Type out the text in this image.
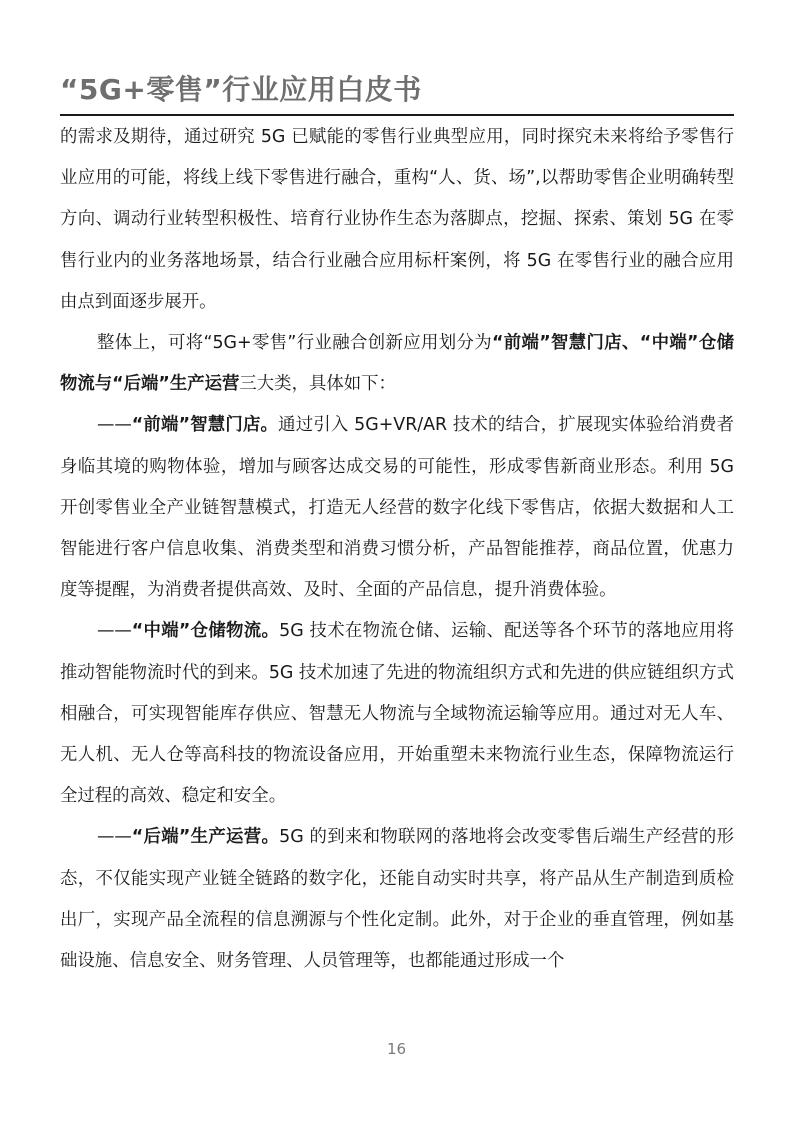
“5G+零售”行业应用白皮书

的需求及期待，通过研究 5G 已赋能的零售行业典型应用，同时探究未来将给予零售行业应用的可能，将线上线下零售进行融合，重构“人、货、场”,以帮助零售企业明确转型方向、调动行业转型积极性、培育行业协作生态为落脚点，挖掘、探索、策划 5G 在零售行业内的业务落地场景，结合行业融合应用标杆案例，将 5G 在零售行业的融合应用由点到面逐步展开。

整体上，可将“5G+零售”行业融合创新应用划分为“前端”智慧门店、“中端”仓储物流与“后端”生产运营三大类，具体如下：

——“前端”智慧门店。通过引入 5G+VR/AR 技术的结合，扩展现实体验给消费者身临其境的购物体验，增加与顾客达成交易的可能性，形成零售新商业形态。利用 5G 开创零售业全产业链智慧模式，打造无人经营的数字化线下零售店，依据大数据和人工智能进行客户信息收集、消费类型和消费习惯分析，产品智能推荐，商品位置，优惠力度等提醒，为消费者提供高效、及时、全面的产品信息，提升消费体验。

——“中端”仓储物流。5G 技术在物流仓储、运输、配送等各个环节的落地应用将推动智能物流时代的到来。5G 技术加速了先进的物流组织方式和先进的供应链组织方式相融合，可实现智能库存供应、智慧无人物流与全域物流运输等应用。通过对无人车、无人机、无人仓等高科技的物流设备应用，开始重塑未来物流行业生态，保障物流运行全过程的高效、稳定和安全。

——“后端”生产运营。5G 的到来和物联网的落地将会改变零售后端生产经营的形态，不仅能实现产业链全链路的数字化，还能自动实时共享，将产品从生产制造到质检出厂，实现产品全流程的信息溯源与个性化定制。此外，对于企业的垂直管理，例如基础设施、信息安全、财务管理、人员管理等，也都能通过形成一个

16
